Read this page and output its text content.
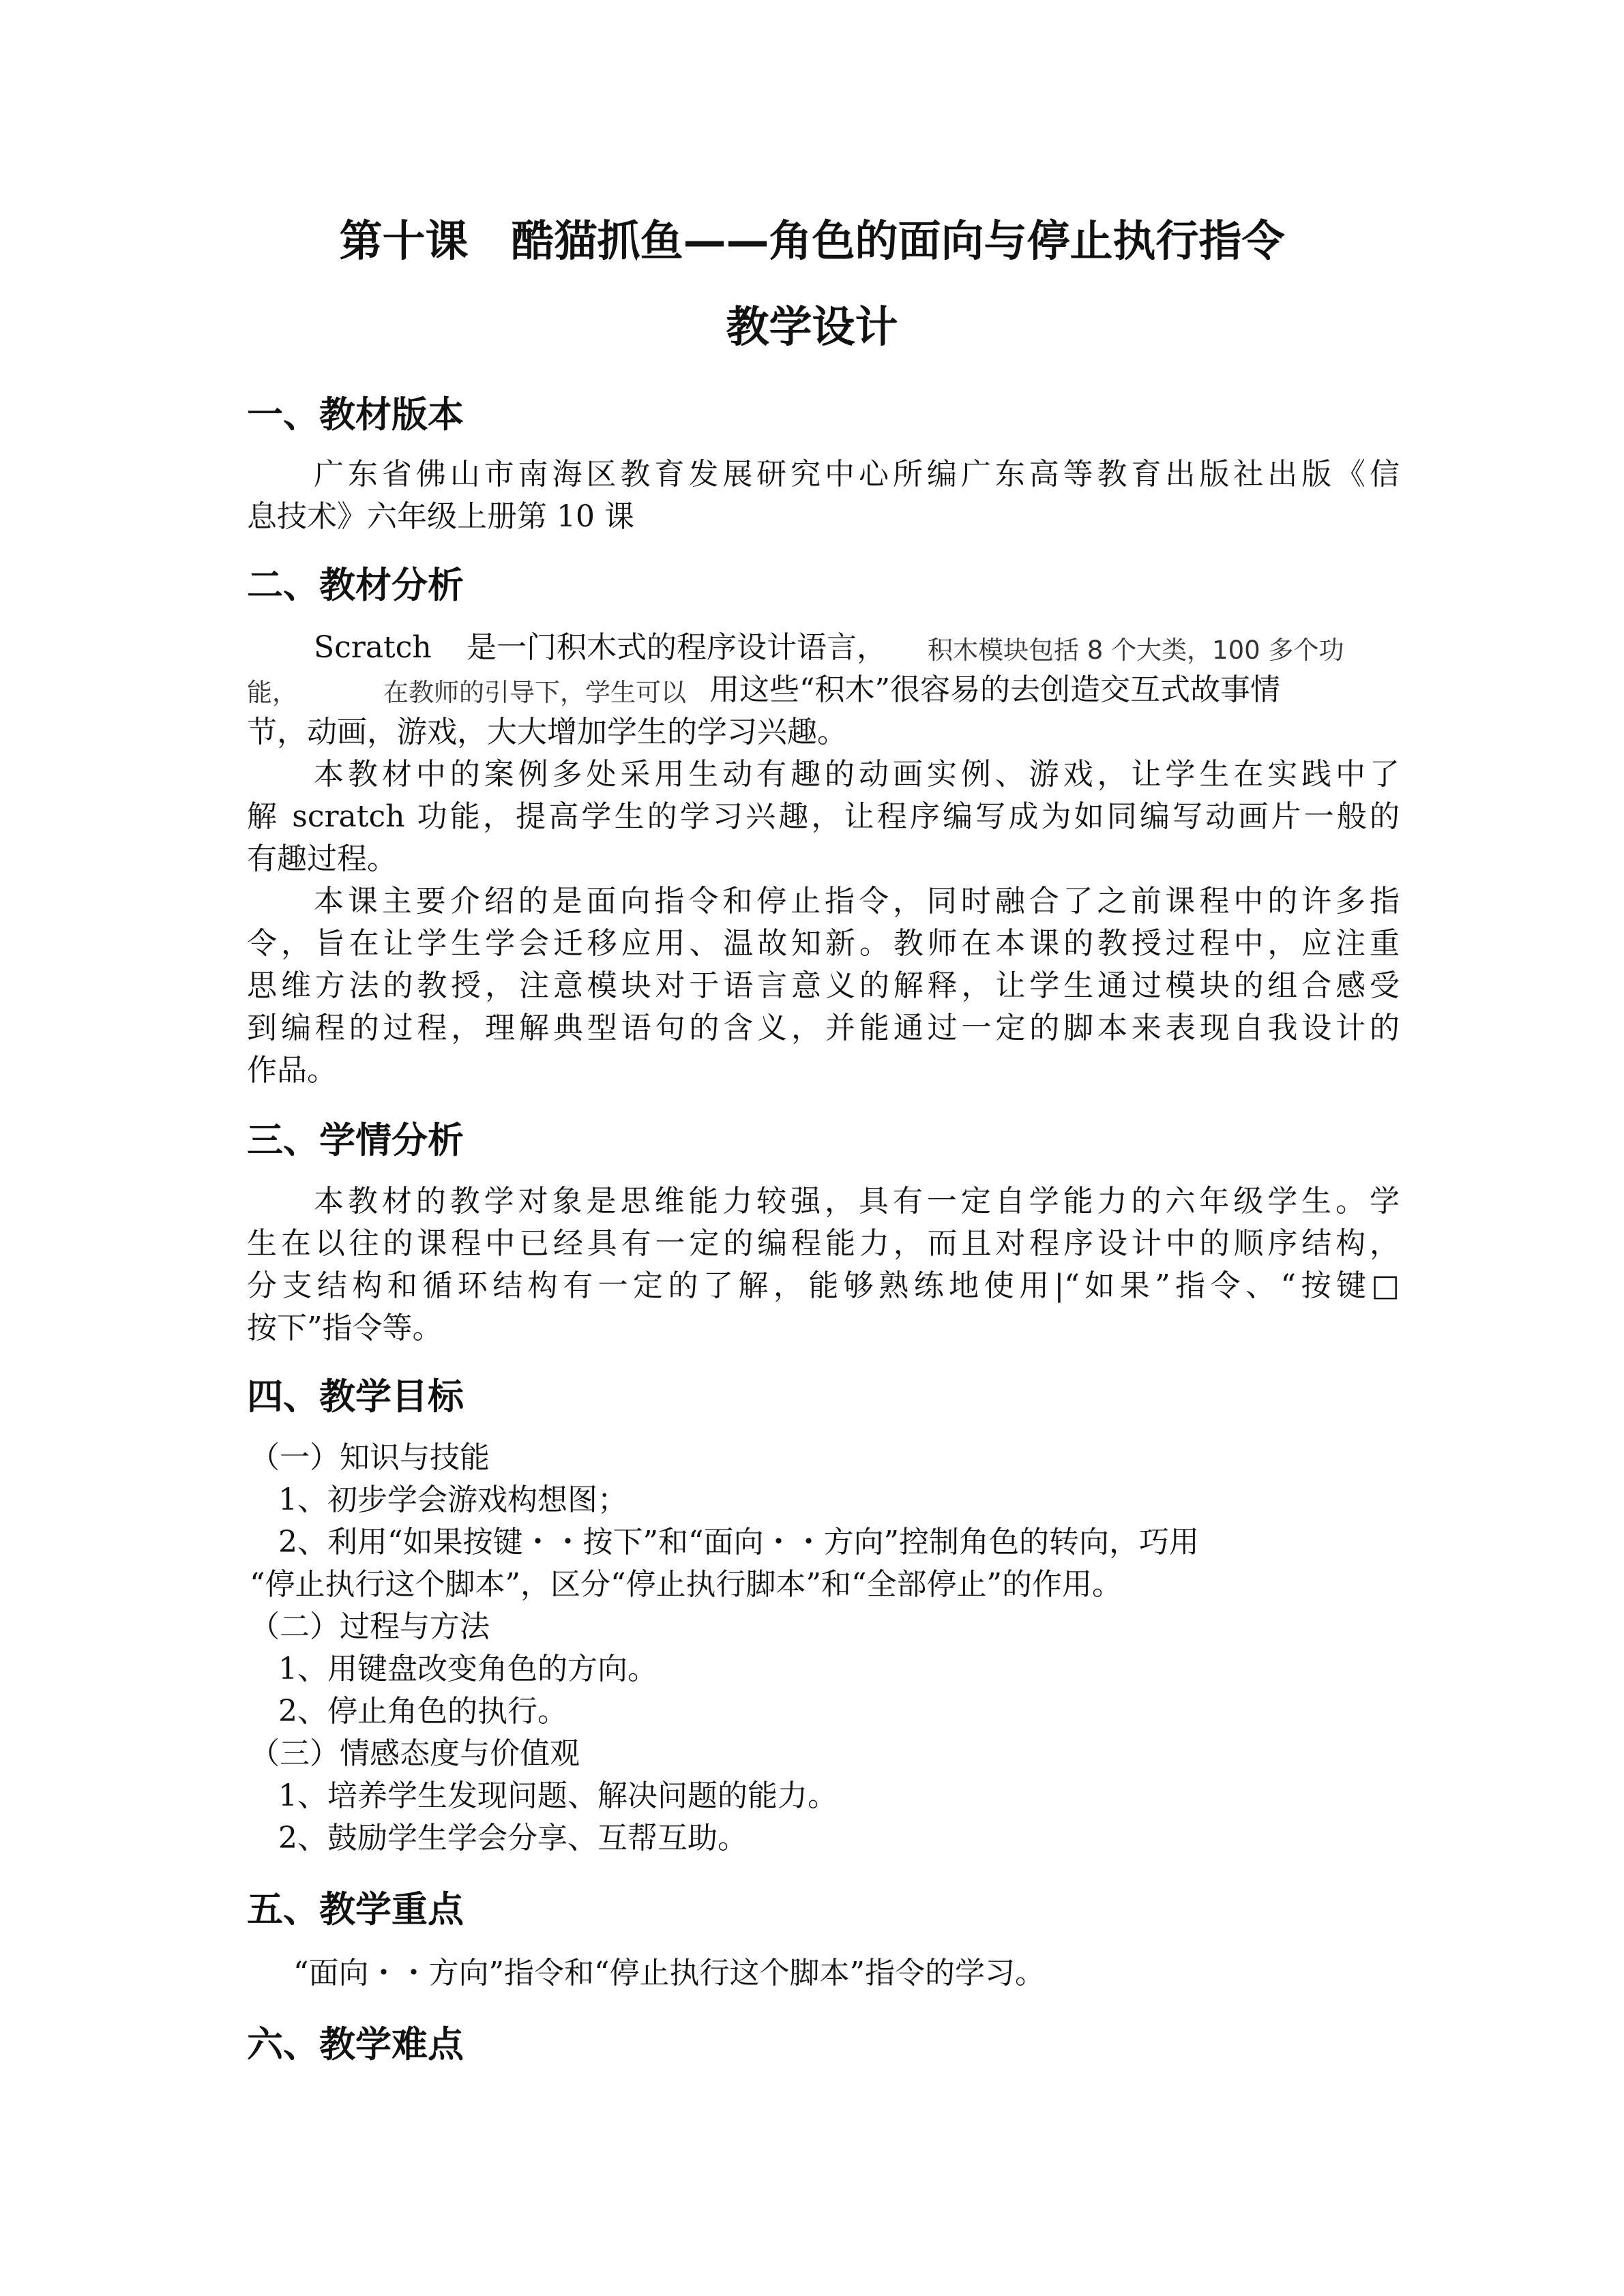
第十课　酷猫抓鱼——角色的面向与停止执行指令
教学设计
一、教材版本
广东省佛山市南海区教育发展研究中心所编广东高等教育出版社出版《信
息技术》六年级上册第 10 课
二、教材分析
Scratch 是一门积木式的程序设计语言， 积木模块包括 8 个大类，100 多个功
能，	在教师的引导下，学生可以 用这些“积木”很容易的去创造交互式故事情
节，动画，游戏，大大增加学生的学习兴趣。
本教材中的案例多处采用生动有趣的动画实例、游戏，让学生在实践中了
解 scratch 功能，提高学生的学习兴趣，让程序编写成为如同编写动画片一般的
有趣过程。
本课主要介绍的是面向指令和停止指令，同时融合了之前课程中的许多指
令，旨在让学生学会迁移应用、温故知新。教师在本课的教授过程中，应注重
思维方法的教授，注意模块对于语言意义的解释，让学生通过模块的组合感受
到编程的过程，理解典型语句的含义，并能通过一定的脚本来表现自我设计的
作品。
三、学情分析
本教材的教学对象是思维能力较强，具有一定自学能力的六年级学生。学
生在以往的课程中已经具有一定的编程能力，而且对程序设计中的顺序结构，
分支结构和循环结构有一定的了解，能够熟练地使用|“如果”指令、“按键□
按下”指令等。
四、教学目标
（一）知识与技能
1、初步学会游戏构想图；
2、利用“如果按键・・按下”和“面向・・方向”控制角色的转向，巧用
“停止执行这个脚本”，区分“停止执行脚本”和“全部停止”的作用。
（二）过程与方法
1、用键盘改变角色的方向。
2、停止角色的执行。
（三）情感态度与价值观
1、培养学生发现问题、解决问题的能力。
2、鼓励学生学会分享、互帮互助。
五、教学重点
“面向・・方向”指令和“停止执行这个脚本”指令的学习。
六、教学难点
